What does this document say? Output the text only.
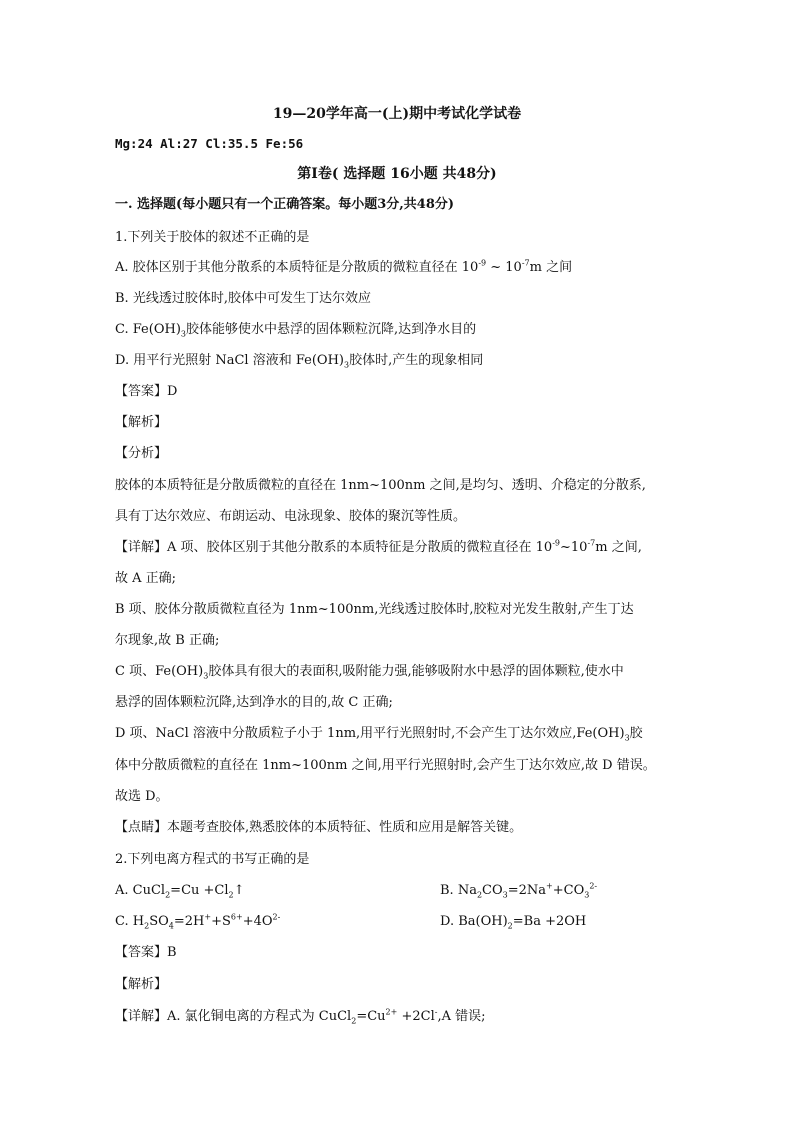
19—20学年高一(上)期中考试化学试卷
Mg:24 Al:27 Cl:35.5 Fe:56
第Ⅰ卷( 选择题 16小题 共48分)
一. 选择题(每小题只有一个正确答案。每小题3分,共48分)
1.下列关于胶体的叙述不正确的是
A. 胶体区别于其他分散系的本质特征是分散质的微粒直径在 $10^{-9}$ ~ $10^{-7}m$ 之间
B. 光线透过胶体时,胶体中可发生丁达尔效应
C. $Fe(OH)_3$胶体能够使水中悬浮的固体颗粒沉降,达到净水目的
D. 用平行光照射 NaCl 溶液和 $Fe(OH)_3$胶体时,产生的现象相同
【答案】D
【解析】
【分析】
胶体的本质特征是分散质微粒的直径在 1nm~100nm 之间,是均匀、透明、介稳定的分散系,
具有丁达尔效应、布朗运动、电泳现象、胶体的聚沉等性质。
【详解】A 项、胶体区别于其他分散系的本质特征是分散质的微粒直径在 $10^{-9}\sim 10^{-7}m$ 之间,
故 A 正确;
B 项、胶体分散质微粒直径为 1nm~100nm,光线透过胶体时,胶粒对光发生散射,产生丁达
尔现象,故 B 正确;
C 项、$Fe(OH)_3$胶体具有很大的表面积,吸附能力强,能够吸附水中悬浮的固体颗粒,使水中
悬浮的固体颗粒沉降,达到净水的目的,故 C 正确;
D 项、NaCl 溶液中分散质粒子小于 1nm,用平行光照射时,不会产生丁达尔效应$,Fe(OH)_3$胶
体中分散质微粒的直径在 1nm~100nm 之间,用平行光照射时,会产生丁达尔效应,故 D 错误。
故选 D。
【点睛】本题考查胶体,熟悉胶体的本质特征、性质和应用是解答关键。
2.下列电离方程式的书写正确的是
A. CuCl$_2$=Cu $+Cl_2↑$	B. $Na_2CO_3=2Na^++CO_3^{2-}$
C. $H_2SO_4=2H^++S^{6+}+4O^{2-}$	D. $Ba(OH)_2=Ba +2OH$
【答案】B
【解析】
【详解】A. 氯化铜电离的方程式为 $CuCl_2=Cu^{2+} +2Cl^-,A$ 错误;
